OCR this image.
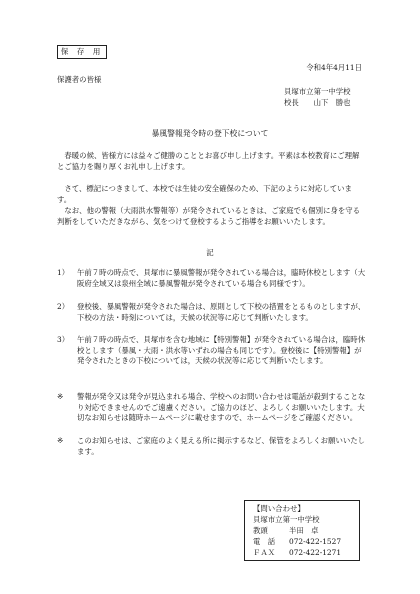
保 存 用
令和4年4月11日
保護者の皆様
貝塚市立第一中学校
校長　　山下　勝也
暴風警報発令時の登下校について

春暖の候、皆様方には益々ご健勝のこととお喜び申し上げます。平素は本校教育にご理解とご協力を賜り厚くお礼申し上げます。

さて、標記につきまして、本校では生徒の安全確保のため、下記のように対応しています。

なお、他の警報（大雨洪水警報等）が発令されているときは、ご家庭でも個別に身を守る判断をしていただきながら、気をつけて登校するようご指導をお願いいたします。

記
1）	午前７時の時点で、貝塚市に暴風警報が発令されている場合は，臨時休校とします（大阪府全域又は泉州全域に暴風警報が発令されている場合も同様です）。
2）	登校後、暴風警報が発令された場合は、原則として下校の措置をとるものとしますが、下校の方法・時刻については，天候の状況等に応じて判断いたします。
3）	午前７時の時点で、貝塚市を含む地域に【特別警報】が発令されている場合は，臨時休校とします（暴風・大雨・洪水等いずれの場合も同じです）。登校後に【特別警報】が発令されたときの下校については，天候の状況等に応じて判断いたします。
※	警報が発令又は発令が見込まれる場合、学校へのお問い合わせは電話が殺到することなり対応できませんのでご遠慮ください。ご協力のほど、よろしくお願いいたします。大切なお知らせは随時ホームページに載せますので、ホームページをご確認ください。
※	このお知らせは、ご家庭のよく見える所に掲示するなど、保管をよろしくお願いいたします。
【問い合わせ】
貝塚市立第一中学校
教頭	半田　卓
電　話	072-422-1527
ＦＡＸ	072-422-1271
